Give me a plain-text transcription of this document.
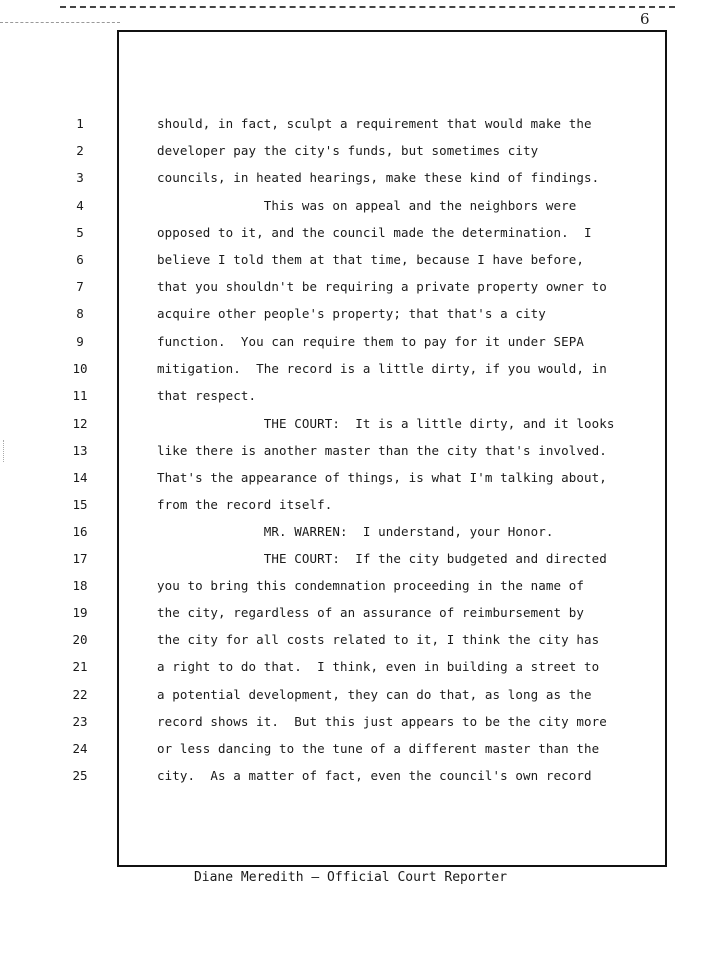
6
1	should, in fact, sculpt a requirement that would make the
2	developer pay the city's funds, but sometimes city
3	councils, in heated hearings, make these kind of findings.
4	This was on appeal and the neighbors were
5	opposed to it, and the council made the determination.  I
6	believe I told them at that time, because I have before,
7	that you shouldn't be requiring a private property owner to
8	acquire other people's property; that that's a city
9	function.  You can require them to pay for it under SEPA
10	mitigation.  The record is a little dirty, if you would, in
11	that respect.
12	THE COURT:  It is a little dirty, and it looks
13	like there is another master than the city that's involved.
14	That's the appearance of things, is what I'm talking about,
15	from the record itself.
16	MR. WARREN:  I understand, your Honor.
17	THE COURT:  If the city budgeted and directed
18	you to bring this condemnation proceeding in the name of
19	the city, regardless of an assurance of reimbursement by
20	the city for all costs related to it, I think the city has
21	a right to do that.  I think, even in building a street to
22	a potential development, they can do that, as long as the
23	record shows it.  But this just appears to be the city more
24	or less dancing to the tune of a different master than the
25	city.  As a matter of fact, even the council's own record
Diane Meredith – Official Court Reporter
